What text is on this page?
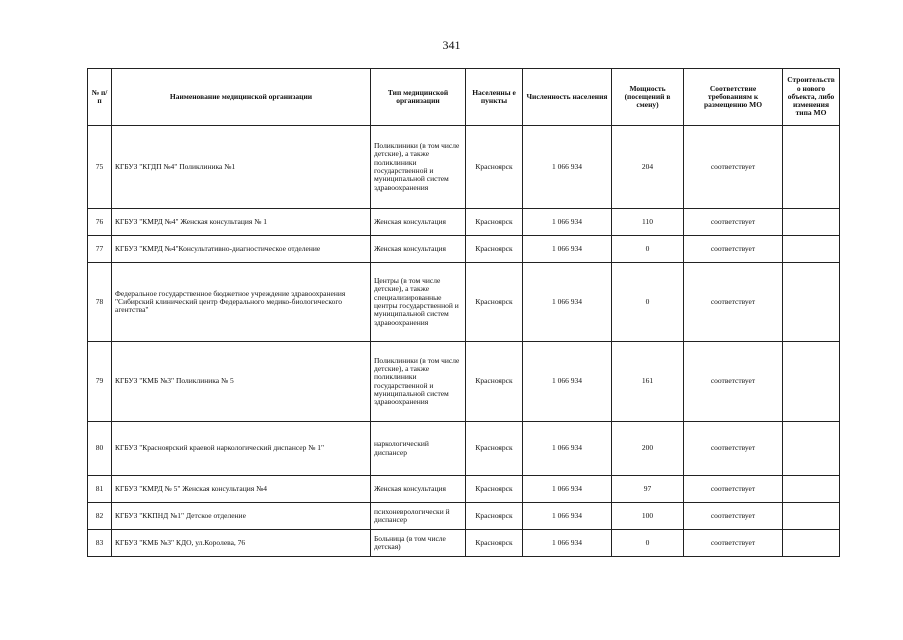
341
№ п/п	Наименование медицинской организации	Тип медицинской организации	Населенны е пункты	Численность населения	Мощность (посещений в смену)	Соответствие требованиям к размещению МО	Строительств о нового объекта, либо изменения типа МО
75	КГБУЗ "КГДП №4" Поликлиника №1	Поликлиники (в том числе детские), а также поликлиники государственной и муниципальной систем здравоохранения	Красноярск	1 066 934	204	соответствует	
76	КГБУЗ "КМРД №4" Женская консультация № 1	Женская консультация	Красноярск	1 066 934	110	соответствует	
77	КГБУЗ "КМРД №4"Консультативно-диагностическое отделение	Женская консультация	Красноярск	1 066 934	0	соответствует	
78	Федеральное государственное бюджетное учреждение здравоохранения "Сибирский клинический центр Федерального медико-биологического агентства"	Центры (в том числе детские), а также специализированные центры государственной и муниципальной систем здравоохранения	Красноярск	1 066 934	0	соответствует	
79	КГБУЗ "КМБ №3" Поликлиника № 5	Поликлиники (в том числе детские), а также поликлиники государственной и муниципальной систем здравоохранения	Красноярск	1 066 934	161	соответствует	
80	КГБУЗ "Красноярский краевой наркологический диспансер № 1"	наркологический диспансер	Красноярск	1 066 934	200	соответствует	
81	КГБУЗ "КМРД № 5" Женская консультация №4	Женская консультация	Красноярск	1 066 934	97	соответствует	
82	КГБУЗ "ККПНД №1" Детское отделение	психоневрологически й диспансер	Красноярск	1 066 934	100	соответствует	
83	КГБУЗ "КМБ №3" КДО, ул.Королева, 76	Больница (в том числе детская)	Красноярск	1 066 934	0	соответствует	
